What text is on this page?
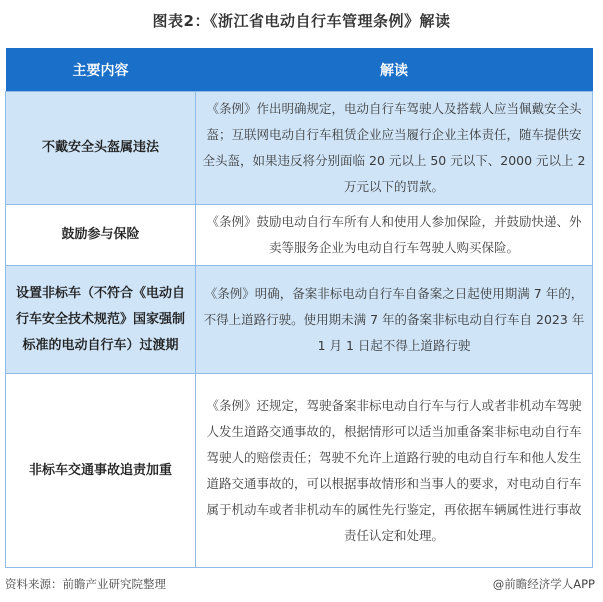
图表2：《浙江省电动自行车管理条例》解读
主要内容	解读
不戴安全头盔属违法	《条例》作出明确规定，电动自行车驾驶人及搭载人应当佩戴安全头盔；互联网电动自行车租赁企业应当履行企业主体责任，随车提供安全头盔，如果违反将分别面临 20 元以上 50 元以下、2000 元以上 2 万元以下的罚款。
鼓励参与保险	《条例》鼓励电动自行车所有人和使用人参加保险，并鼓励快递、外卖等服务企业为电动自行车驾驶人购买保险。
设置非标车（不符合《电动自行车安全技术规范》国家强制标准的电动自行车）过渡期	《条例》明确，备案非标电动自行车自备案之日起使用期满 7 年的，不得上道路行驶。使用期未满 7 年的备案非标电动自行车自 2023 年 1 月 1 日起不得上道路行驶
非标车交通事故追责加重	《条例》还规定，驾驶备案非标电动自行车与行人或者非机动车驾驶人发生道路交通事故的，根据情形可以适当加重备案非标电动自行车驾驶人的赔偿责任；驾驶不允许上道路行驶的电动自行车和他人发生道路交通事故的，可以根据事故情形和当事人的要求，对电动自行车属于机动车或者非机动车的属性先行鉴定，再依据车辆属性进行事故责任认定和处理。
资料来源：前瞻产业研究院整理	@前瞻经济学人APP
